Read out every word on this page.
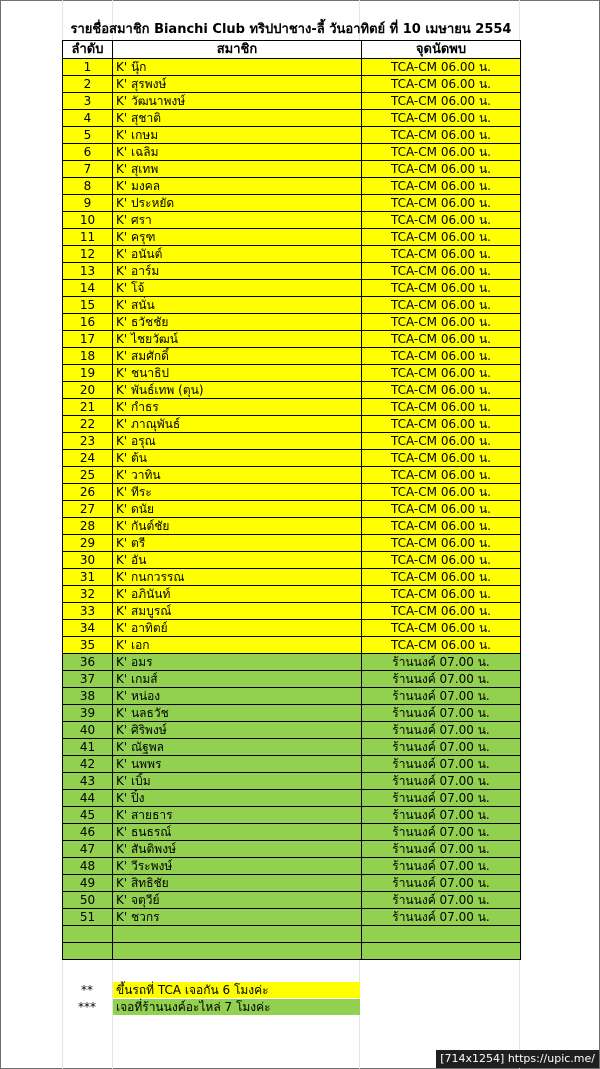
รายชื่อสมาชิก Bianchi Club ทริปปาชาง-ลี้ วันอาทิตย์ ที่ 10 เมษายน 2554
ลำดับ	สมาชิก	จุดนัดพบ
1	K' นุ๊ก	TCA-CM 06.00 น.
2	K' สุรพงษ์	TCA-CM 06.00 น.
3	K' วัฒนาพงษ์	TCA-CM 06.00 น.
4	K' สุชาติ	TCA-CM 06.00 น.
5	K' เกษม	TCA-CM 06.00 น.
6	K' เฉลิม	TCA-CM 06.00 น.
7	K' สุเทพ	TCA-CM 06.00 น.
8	K' มงคล	TCA-CM 06.00 น.
9	K' ประหยัด	TCA-CM 06.00 น.
10	K' ศรา	TCA-CM 06.00 น.
11	K' ครุฑ	TCA-CM 06.00 น.
12	K' อนันต์	TCA-CM 06.00 น.
13	K' อาร์ม	TCA-CM 06.00 น.
14	K' โจ้	TCA-CM 06.00 น.
15	K' สนั่น	TCA-CM 06.00 น.
16	K' ธวัชชัย	TCA-CM 06.00 น.
17	K' ไชยวัฒน์	TCA-CM 06.00 น.
18	K' สมศักดิ์	TCA-CM 06.00 น.
19	K' ชนาธิป	TCA-CM 06.00 น.
20	K' พันธ์เทพ (ตุน)	TCA-CM 06.00 น.
21	K' กำธร	TCA-CM 06.00 น.
22	K' ภาณุพันธ์	TCA-CM 06.00 น.
23	K' อรุณ	TCA-CM 06.00 น.
24	K' ต้น	TCA-CM 06.00 น.
25	K' วาทิน	TCA-CM 06.00 น.
26	K' ทีระ	TCA-CM 06.00 น.
27	K' ดนัย	TCA-CM 06.00 น.
28	K' กันต์ชัย	TCA-CM 06.00 น.
29	K' ตรี	TCA-CM 06.00 น.
30	K' อัน	TCA-CM 06.00 น.
31	K' กนกวรรณ	TCA-CM 06.00 น.
32	K' อภินันท์	TCA-CM 06.00 น.
33	K' สมบูรณ์	TCA-CM 06.00 น.
34	K' อาทิตย์	TCA-CM 06.00 น.
35	K' เอก	TCA-CM 06.00 น.
36	K' อมร	ร้านนงค์ 07.00 น.
37	K' เกมส์	ร้านนงค์ 07.00 น.
38	K' หน่อง	ร้านนงค์ 07.00 น.
39	K' นลธวัช	ร้านนงค์ 07.00 น.
40	K' ศิริพงษ์	ร้านนงค์ 07.00 น.
41	K' ณัฐพล	ร้านนงค์ 07.00 น.
42	K' นพพร	ร้านนงค์ 07.00 น.
43	K' เบิ้ม	ร้านนงค์ 07.00 น.
44	K' ปิ๋ง	ร้านนงค์ 07.00 น.
45	K' สายธาร	ร้านนงค์ 07.00 น.
46	K' ธนธรณ์	ร้านนงค์ 07.00 น.
47	K' สันติพงษ์	ร้านนงค์ 07.00 น.
48	K' วีระพงษ์	ร้านนงค์ 07.00 น.
49	K' สิทธิชัย	ร้านนงค์ 07.00 น.
50	K' จตุวีย์	ร้านนงค์ 07.00 น.
51	K' ชวกร	ร้านนงค์ 07.00 น.

**	ขึ้นรถที่ TCA เจอกัน 6 โมงค่ะ
***	เจอที่ร้านนงค์อะไหล่ 7 โมงค่ะ
[714x1254] https://upic.me/
